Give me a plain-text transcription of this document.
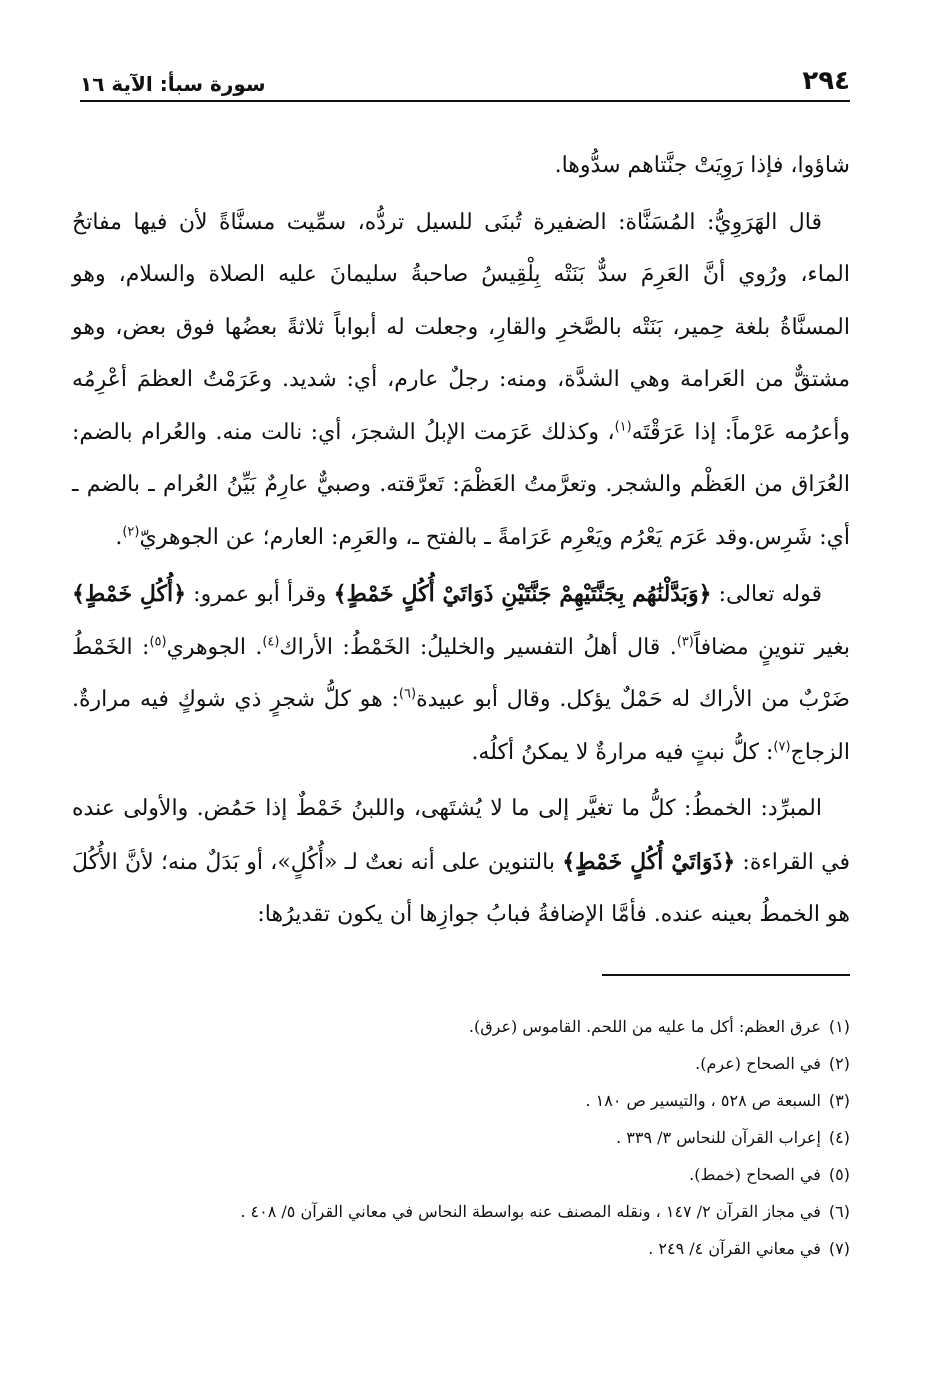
٢٩٤
سورة سبأ: الآية ١٦

شاؤوا، فإذا رَوِيَتْ جنَّتاهم سدُّوها.

قال الهَرَوِيُّ: المُسَنَّاة: الضفيرة تُبنَى للسيل تردُّه، سمِّيت مسنَّاةً لأن فيها مفاتحُ الماء، ورُوي أنَّ العَرِمَ سدٌّ بَنَتْه بِلْقِيسُ صاحبةُ سليمانَ عليه الصلاة والسلام، وهو المسنَّاةُ بلغة حِمير، بَنَتْه بالصَّخرِ والقارِ، وجعلت له أبواباً ثلاثةً بعضُها فوق بعض، وهو مشتقٌّ من العَرامة وهي الشدَّة، ومنه: رجلٌ عارم، أي: شديد. وعَرَمْتُ العظمَ أعْرِمُه وأعرُمه عَرْماً: إذا عَرَقْتَه$^{(١)}$، وكذلك عَرَمت الإبلُ الشجرَ، أي: نالت منه. والعُرام بالضم: العُرَاق من العَظْم والشجر. وتعرَّمتُ العَظْمَ: تَعرَّقته. وصبيٌّ عارِمٌ بَيِّنُ العُرام ـ بالضم ـ أي: شَرِس.وقد عَرَم يَعْرُم ويَعْرِم عَرَامةً ـ بالفتح ـ، والعَرِم: العارم؛ عن الجوهريّ$^{(٢)}$.

قوله تعالى: ﴿وَبَدَّلْنَٰهُم بِجَنَّتَيْهِمْ جَنَّتَيْنِ ذَوَاتَيْ أُكُلٍ خَمْطٍ﴾ وقرأ أبو عمرو: ﴿أُكُلِ خَمْطٍ﴾ بغير تنوينٍ مضافاً$^{(٣)}$. قال أهلُ التفسير والخليلُ: الخَمْطُ: الأراك$^{(٤)}$. الجوهري$^{(٥)}$: الخَمْطُ ضَرْبٌ من الأراك له حَمْلٌ يؤكل. وقال أبو عبيدة$^{(٦)}$: هو كلُّ شجرٍ ذي شوكٍ فيه مرارةٌ. الزجاج$^{(٧)}$: كلُّ نبتٍ فيه مرارةٌ لا يمكنُ أكلُه.

المبرِّد: الخمطُ: كلُّ ما تغيَّر إلى ما لا يُشتَهى، واللبنُ خَمْطٌ إذا حَمُض. والأولى عنده في القراءة: ﴿ذَوَاتَيْ أُكُلٍ خَمْطٍ﴾ بالتنوين على أنه نعتٌ لـ «أُكُلٍ»، أو بَدَلٌ منه؛ لأنَّ الأُكُلَ هو الخمطُ بعينه عنده. فأمَّا الإضافةُ فبابُ جوازِها أن يكون تقديرُها:

(١)عرق العظم: أكل ما عليه من اللحم. القاموس (عرق).
(٢)في الصحاح (عرم).
(٣)السبعة ص ٥٢٨ ، والتيسير ص ١٨٠ .
(٤)إعراب القرآن للنحاس ٣/ ٣٣٩ .
(٥)في الصحاح (خمط).
(٦)في مجاز القرآن ٢/ ١٤٧ ، ونقله المصنف عنه بواسطة النحاس في معاني القرآن ٥/ ٤٠٨ .
(٧)في معاني القرآن ٤/ ٢٤٩ .
